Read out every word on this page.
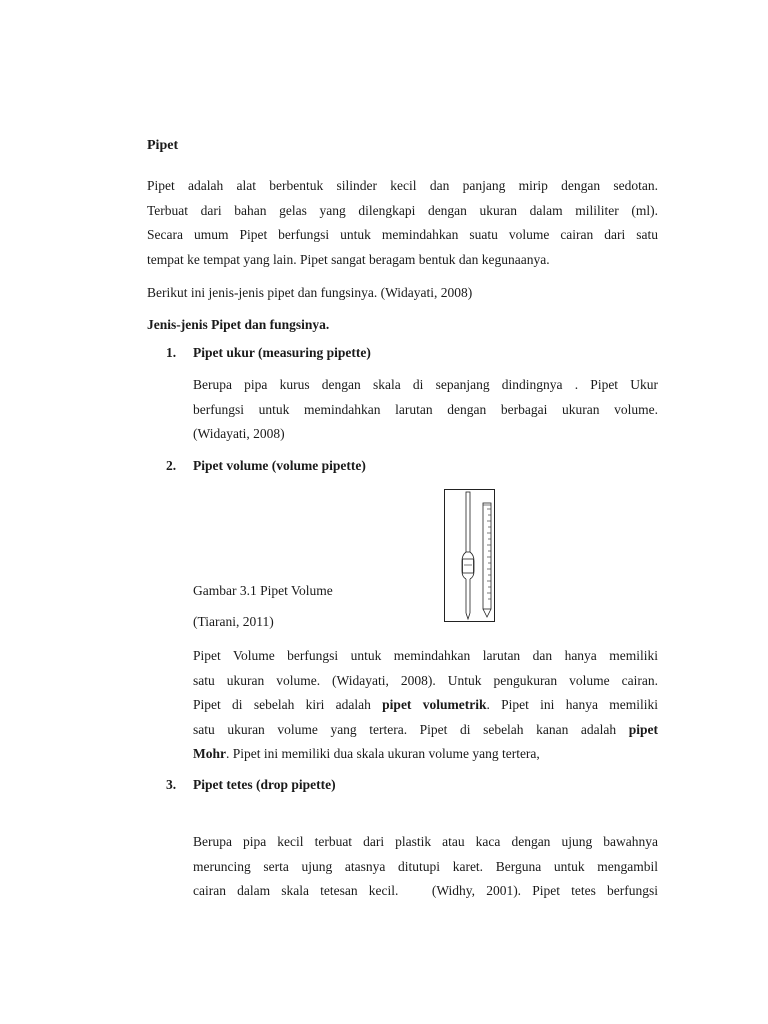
Pipet
Pipet adalah alat berbentuk silinder kecil dan panjang mirip dengan sedotan.
Terbuat dari bahan gelas yang dilengkapi dengan ukuran dalam mililiter (ml).
Secara umum Pipet berfungsi untuk memindahkan suatu volume cairan dari satu
tempat ke tempat yang lain. Pipet sangat beragam bentuk dan kegunaanya.
Berikut ini jenis-jenis pipet dan fungsinya. (Widayati, 2008)
Jenis-jenis Pipet dan fungsinya.
1. Pipet ukur (measuring pipette)
Berupa pipa kurus dengan skala di sepanjang dindingnya . Pipet Ukur
berfungsi untuk memindahkan larutan dengan berbagai ukuran volume.
(Widayati, 2008)
2. Pipet volume (volume pipette)
Gambar 3.1 Pipet Volume
(Tiarani, 2011)
Pipet Volume berfungsi untuk memindahkan larutan dan hanya memiliki
satu ukuran volume. (Widayati, 2008). Untuk pengukuran volume cairan.
Pipet di sebelah kiri adalah pipet volumetrik. Pipet ini hanya memiliki
satu ukuran volume yang tertera. Pipet di sebelah kanan adalah pipet
Mohr. Pipet ini memiliki dua skala ukuran volume yang tertera,
3. Pipet tetes (drop pipette)
Berupa pipa kecil terbuat dari plastik atau kaca dengan ujung bawahnya
meruncing serta ujung atasnya ditutupi karet. Berguna untuk mengambil
cairan dalam skala tetesan kecil.   (Widhy, 2001). Pipet tetes berfungsi
